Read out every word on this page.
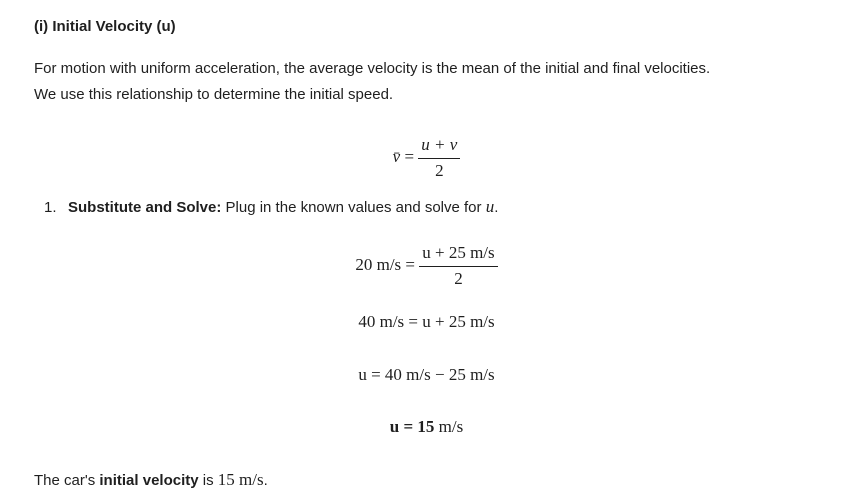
(i) Initial Velocity (u)
For motion with uniform acceleration, the average velocity is the mean of the initial and final velocities. We use this relationship to determine the initial speed.
v̄ = $\frac{u + v}{2}$
1. Substitute and Solve: Plug in the known values and solve for u.
20 $m/s = \frac{u + 25 m/s}{2}$
40 m/s = u + 25 m/s
u = 40 m/s − 25 m/s
u = 15 m/s
The car's initial velocity is 15 m/s.
